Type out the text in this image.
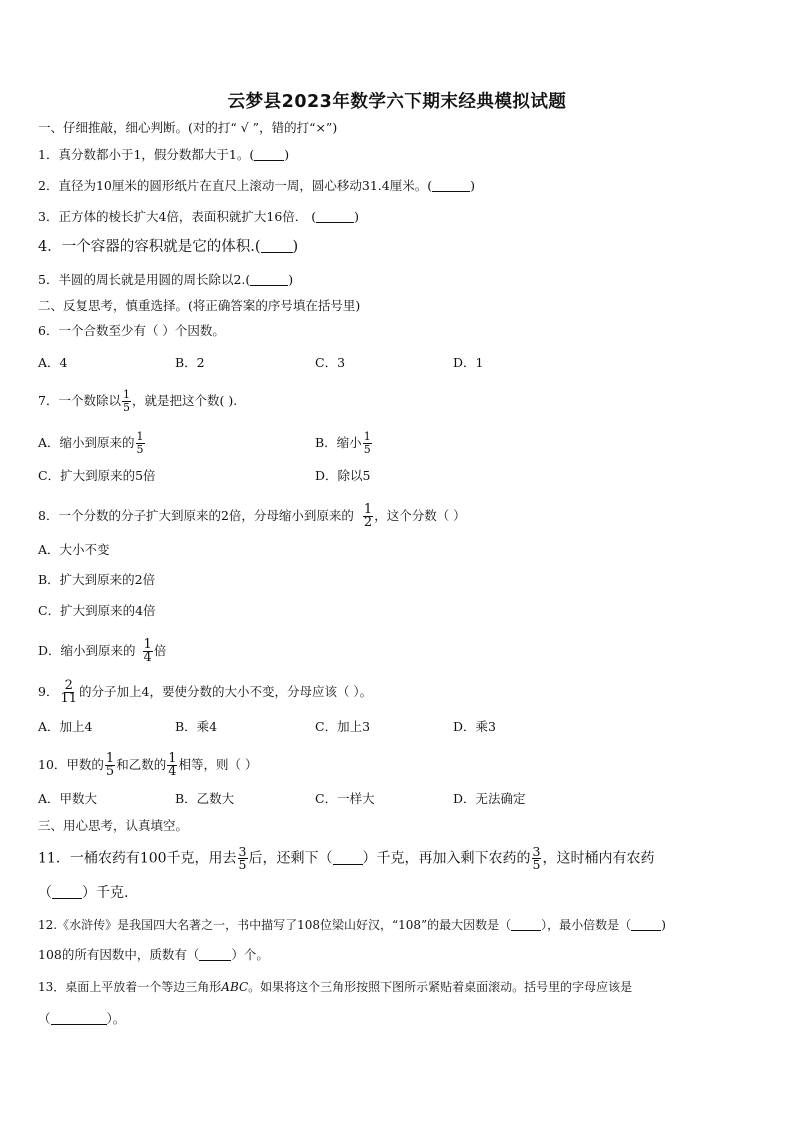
云梦县2023年数学六下期末经典模拟试题
一、仔细推敲，细心判断。(对的打“ √ ”，错的打“×”)
1．真分数都小于1，假分数都大于1。( )
2．直径为10厘米的圆形纸片在直尺上滚动一周，圆心移动31.4厘米。(	)
3．正方体的棱长扩大4倍，表面积就扩大16倍． (	)
4．一个容器的容积就是它的体积.( )
5．半圆的周长就是用圆的周长除以2.(	)
二、反复思考，慎重选择。(将正确答案的序号填在括号里)
6．一个合数至少有（ ）个因数。
A．4	B．2	C．3	D．1
7．一个数除以 $\frac{1}{5}$ ，就是把这个数( ).
A．缩小到原来的 $\frac{1}{5}$	B．缩小 $\frac{1}{5}$
C．扩大到原来的5倍	D．除以5
8．一个分数的分子扩大到原来的2倍，分母缩小到原来的 $\frac{1}{2}$ ，这个分数（ ）
A．大小不变
B．扩大到原来的2倍
C．扩大到原来的4倍
D．缩小到原来的 $\frac{1}{4}$ 倍
9． $\frac{2}{11}$ 的分子加上4，要使分数的大小不变，分母应该（ ）。
A．加上4	B．乘4	C．加上3	D．乘3
10．甲数的 $\frac{1}{5}$ 和乙数的 $\frac{1}{4}$ 相等，则（ ）
A．甲数大	B．乙数大	C．一样大	D．无法确定
三、用心思考，认真填空。
11．一桶农药有100千克，用去 $\frac{3}{5}$ 后，还剩下（ ）千克，再加入剩下农药的 $\frac{3}{5}$ ，这时桶内有农药
（ ）千克.
12.《水浒传》是我国四大名著之一，书中描写了108位梁山好汉，“108”的最大因数是（	），最小倍数是（	)
108的所有因数中，质数有（	）个。
13．桌面上平放着一个等边三角形ABC。如果将这个三角形按照下图所示紧贴着桌面滚动。括号里的字母应该是
（	）。
